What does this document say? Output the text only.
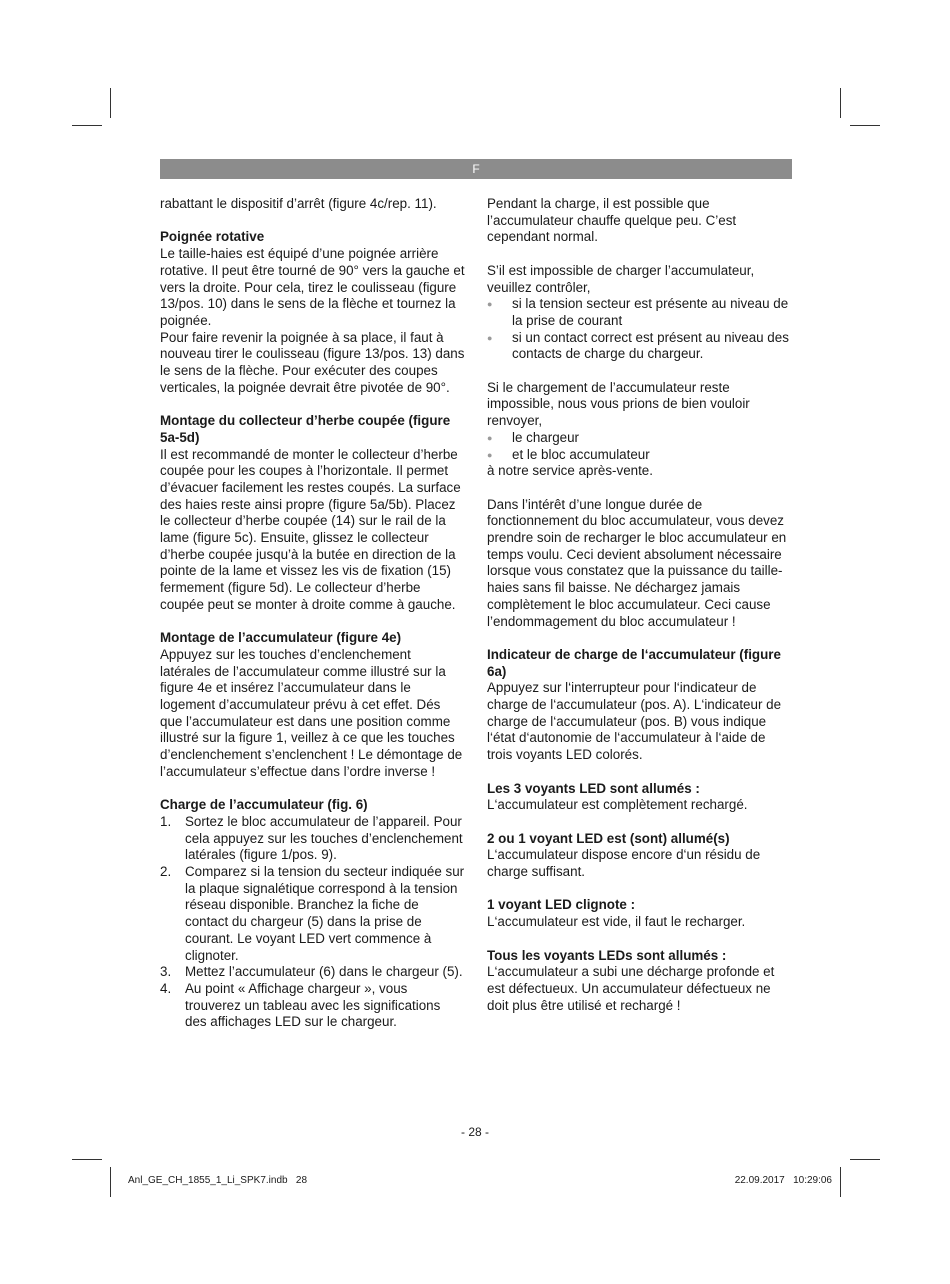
F

rabattant le dispositif d’arrêt (figure 4c/rep. 11).

Poignée rotative

Le taille-haies est équipé d’une poignée arrière rotative. Il peut être tourné de 90° vers la gauche et vers la droite. Pour cela, tirez le coulisseau (figure 13/pos. 10) dans le sens de la flèche et tournez la poignée.

Pour faire revenir la poignée à sa place, il faut à nouveau tirer le coulisseau (figure 13/pos. 13) dans le sens de la flèche. Pour exécuter des coupes verticales, la poignée devrait être pivotée de 90°.

Montage du collecteur d’herbe coupée (figure 5a-5d)

Il est recommandé de monter le collecteur d’herbe coupée pour les coupes à l’horizontale. Il permet d’évacuer facilement les restes coupés. La surface des haies reste ainsi propre (figure 5a/5b). Placez le collecteur d’herbe coupée (14) sur le rail de la lame (figure 5c). Ensuite, glissez le collecteur d’herbe coupée jusqu’à la butée en direction de la pointe de la lame et vissez les vis de fixation (15) fermement (figure 5d). Le collecteur d’herbe coupée peut se monter à droite comme à gauche.

Montage de l’accumulateur (figure 4e)

Appuyez sur les touches d’enclenchement latérales de l’accumulateur comme illustré sur la figure 4e et insérez l’accumulateur dans le logement d’accumulateur prévu à cet effet. Dés que l’accumulateur est dans une position comme illustré sur la figure 1, veillez à ce que les touches d’enclenchement s’enclenchent ! Le démontage de l’accumulateur s’effectue dans l’ordre inverse !

Charge de l’accumulateur (fig. 6)

1. Sortez le bloc accumulateur de l’appareil. Pour cela appuyez sur les touches d’enclenchement latérales (figure 1/pos. 9).
2. Comparez si la tension du secteur indiquée sur la plaque signalétique correspond à la tension réseau disponible. Branchez la fiche de contact du chargeur (5) dans la prise de courant. Le voyant LED vert commence à clignoter.
3. Mettez l’accumulateur (6) dans le chargeur (5).
4. Au point « Affichage chargeur », vous trouverez un tableau avec les significations des affichages LED sur le chargeur.

Pendant la charge, il est possible que l’accumulateur chauffe quelque peu. C’est cependant normal.

S’il est impossible de charger l’accumulateur, veuillez contrôler,

● si la tension secteur est présente au niveau de la prise de courant
● si un contact correct est présent au niveau des contacts de charge du chargeur.

Si le chargement de l’accumulateur reste impossible, nous vous prions de bien vouloir renvoyer,

● le chargeur
● et le bloc accumulateur

à notre service après-vente.

Dans l’intérêt d’une longue durée de fonctionnement du bloc accumulateur, vous devez prendre soin de recharger le bloc accumulateur en temps voulu. Ceci devient absolument nécessaire lorsque vous constatez que la puissance du taille-haies sans fil baisse. Ne déchargez jamais complètement le bloc accumulateur. Ceci cause l’endommagement du bloc accumulateur !

Indicateur de charge de l‘accumulateur (figure 6a)

Appuyez sur l‘interrupteur pour l‘indicateur de charge de l‘accumulateur (pos. A). L‘indicateur de charge de l‘accumulateur (pos. B) vous indique l‘état d‘autonomie de l‘accumulateur à l‘aide de trois voyants LED colorés.

Les 3 voyants LED sont allumés :

L‘accumulateur est complètement rechargé.

2 ou 1 voyant LED est (sont) allumé(s)

L‘accumulateur dispose encore d‘un résidu de charge suffisant.

1 voyant LED clignote :

L‘accumulateur est vide, il faut le recharger.

Tous les voyants LEDs sont allumés :

L‘accumulateur a subi une décharge profonde et est défectueux. Un accumulateur défectueux ne doit plus être utilisé et rechargé !

- 28 -
Anl_GE_CH_1855_1_Li_SPK7.indb   28	22.09.2017   10:29:06
